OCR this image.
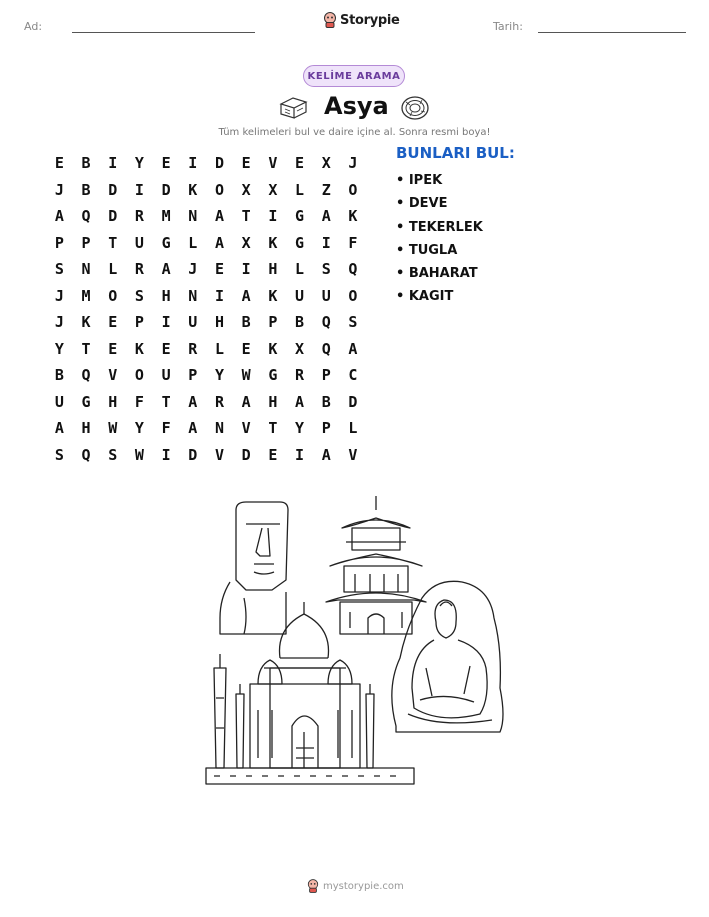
Ad:	Tarih:
Storypie
KELİME ARAMA
Asya
Tüm kelimeleri bul ve daire içine al. Sonra resmi boya!
E	B	I	Y	E	I	D	E	V	E	X	J
J	B	D	I	D	K	O	X	X	L	Z	O
A	Q	D	R	M	N	A	T	I	G	A	K
P	P	T	U	G	L	A	X	K	G	I	F
S	N	L	R	A	J	E	I	H	L	S	Q
J	M	O	S	H	N	I	A	K	U	U	O
J	K	E	P	I	U	H	B	P	B	Q	S
Y	T	E	K	E	R	L	E	K	X	Q	A
B	Q	V	O	U	P	Y	W	G	R	P	C
U	G	H	F	T	A	R	A	H	A	B	D
A	H	W	Y	F	A	N	V	T	Y	P	L
S	Q	S	W	I	D	V	D	E	I	A	V
BUNLARI BUL:
• IPEK
• DEVE
• TEKERLEK
• TUGLA
• BAHARAT
• KAGIT
mystorypie.com
